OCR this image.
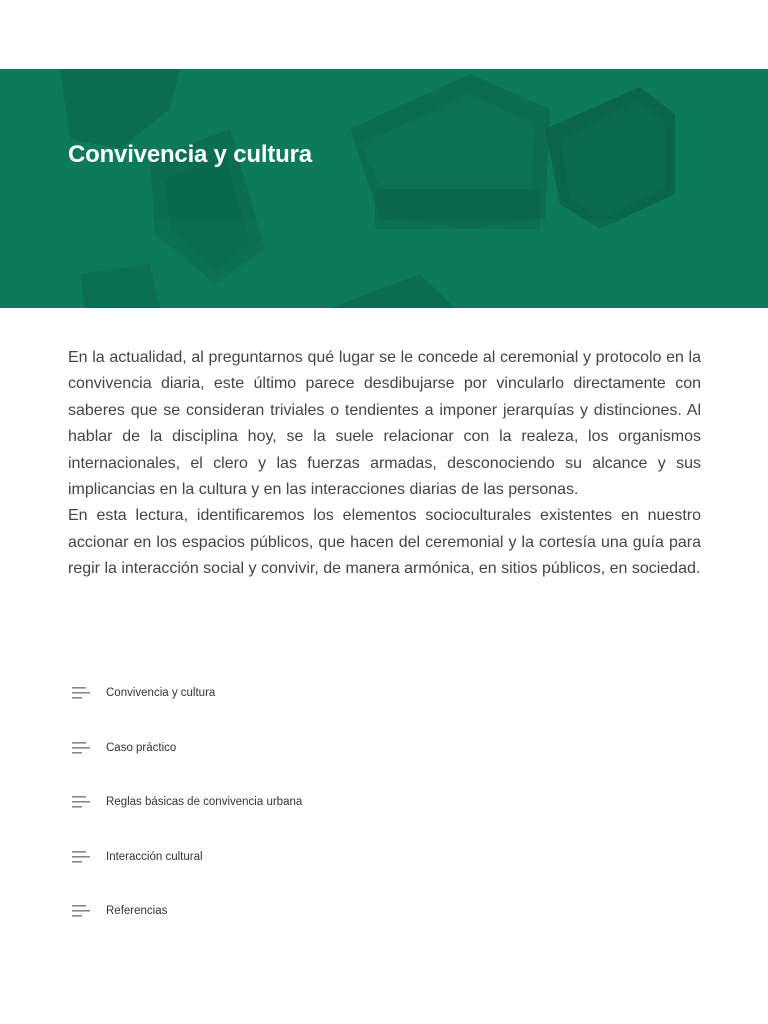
Convivencia y cultura

En la actualidad, al preguntarnos qué lugar se le concede al ceremonial y protocolo en la convivencia diaria, este último parece desdibujarse por vincularlo directamente con saberes que se consideran triviales o tendientes a imponer jerarquías y distinciones. Al hablar de la disciplina hoy, se la suele relacionar con la realeza, los organismos internacionales, el clero y las fuerzas armadas, desconociendo su alcance y sus implicancias en la cultura y en las interacciones diarias de las personas.

En esta lectura, identificaremos los elementos socioculturales existentes en nuestro accionar en los espacios públicos, que hacen del ceremonial y la cortesía una guía para regir la interacción social y convivir, de manera armónica, en sitios públicos, en sociedad.

Convivencia y cultura
Caso práctico
Reglas básicas de convivencia urbana
Interacción cultural
Referencias
